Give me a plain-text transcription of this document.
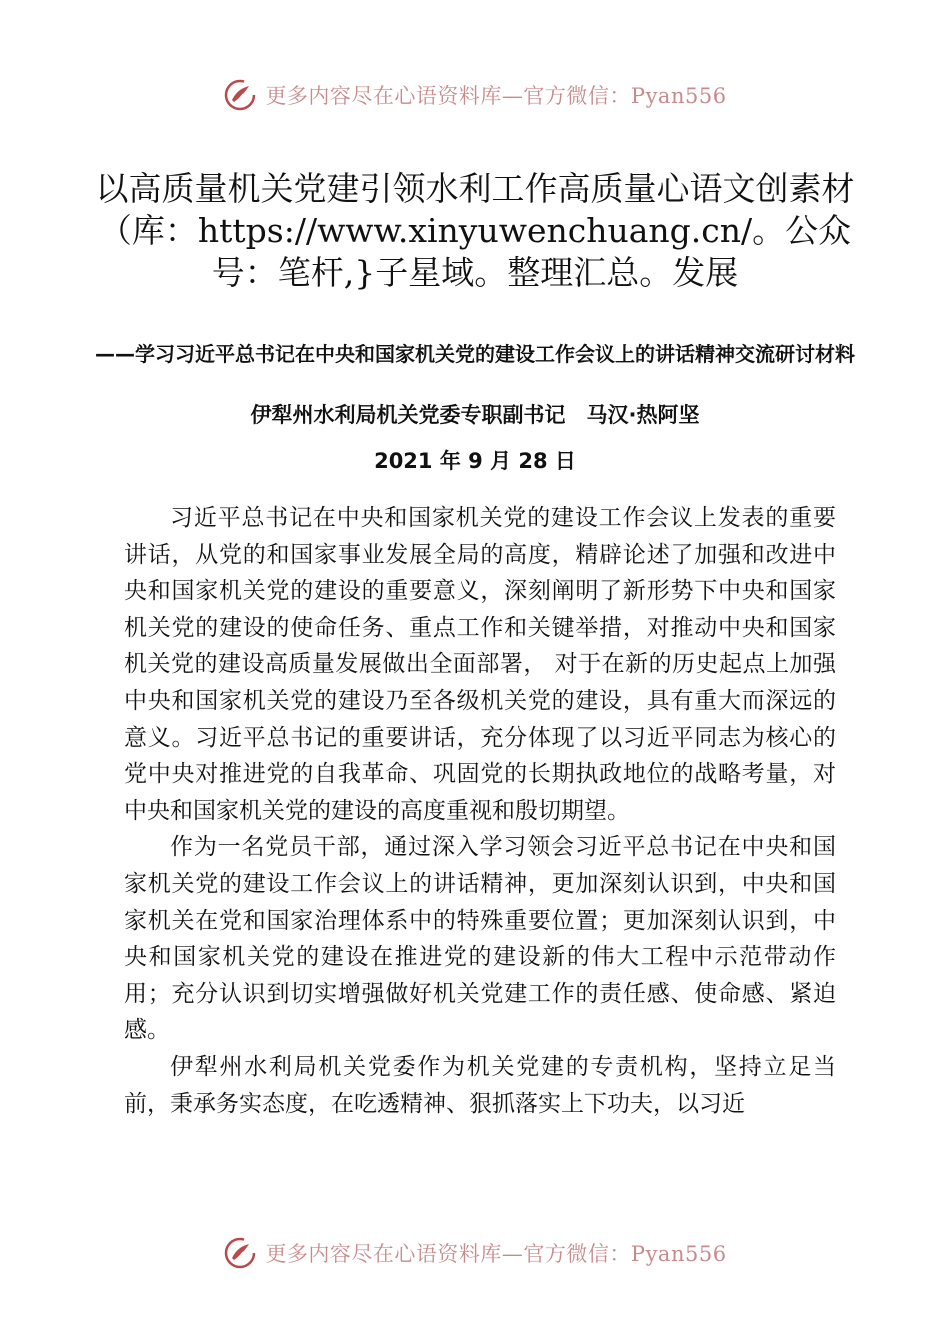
更多内容尽在心语资料库—官方微信：Pyan556
以高质量机关党建引领水利工作高质量心语文创素材（库：https://www.xinyuwenchuang.cn/。公众号：笔杆,}子星域。整理汇总。发展
——学习习近平总书记在中央和国家机关党的建设工作会议上的讲话精神交流研讨材料
伊犁州水利局机关党委专职副书记　马汉·热阿坚
2021 年 9 月 28 日

习近平总书记在中央和国家机关党的建设工作会议上发表的重要讲话，从党的和国家事业发展全局的高度，精辟论述了加强和改进中央和国家机关党的建设的重要意义，深刻阐明了新形势下中央和国家机关党的建设的使命任务、重点工作和关键举措，对推动中央和国家机关党的建设高质量发展做出全面部署， 对于在新的历史起点上加强中央和国家机关党的建设乃至各级机关党的建设，具有重大而深远的意义。习近平总书记的重要讲话，充分体现了以习近平同志为核心的党中央对推进党的自我革命、巩固党的长期执政地位的战略考量，对中央和国家机关党的建设的高度重视和殷切期望。

作为一名党员干部，通过深入学习领会习近平总书记在中央和国家机关党的建设工作会议上的讲话精神，更加深刻认识到，中央和国家机关在党和国家治理体系中的特殊重要位置；更加深刻认识到，中央和国家机关党的建设在推进党的建设新的伟大工程中示范带动作用；充分认识到切实增强做好机关党建工作的责任感、使命感、紧迫感。

伊犁州水利局机关党委作为机关党建的专责机构，坚持立足当前，秉承务实态度，在吃透精神、狠抓落实上下功夫，以习近

更多内容尽在心语资料库—官方微信：Pyan556
